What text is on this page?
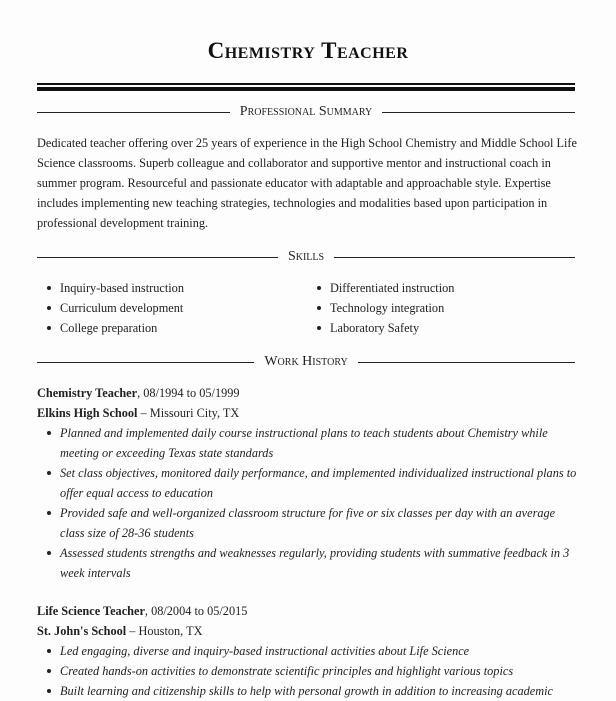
Chemistry Teacher
Professional Summary
Dedicated teacher offering over 25 years of experience in the High School Chemistry and Middle School Life Science classrooms. Superb colleague and collaborator and supportive mentor and instructional coach in summer program. Resourceful and passionate educator with adaptable and approachable style. Expertise includes implementing new teaching strategies, technologies and modalities based upon participation in professional development training.
Skills
Inquiry-based instruction
Curriculum development
College preparation
Differentiated instruction
Technology integration
Laboratory Safety
Work History
Chemistry Teacher, 08/1994 to 05/1999
Elkins High School – Missouri City, TX
Planned and implemented daily course instructional plans to teach students about Chemistry while meeting or exceeding Texas state standards
Set class objectives, monitored daily performance, and implemented individualized instructional plans to offer equal access to education
Provided safe and well-organized classroom structure for five or six classes per day with an average class size of 28-36 students
Assessed students strengths and weaknesses regularly, providing students with summative feedback in 3 week intervals
Life Science Teacher, 08/2004 to 05/2015
St. John's School – Houston, TX
Led engaging, diverse and inquiry-based instructional activities about Life Science
Created hands-on activities to demonstrate scientific principles and highlight various topics
Built learning and citizenship skills to help with personal growth in addition to increasing academic
